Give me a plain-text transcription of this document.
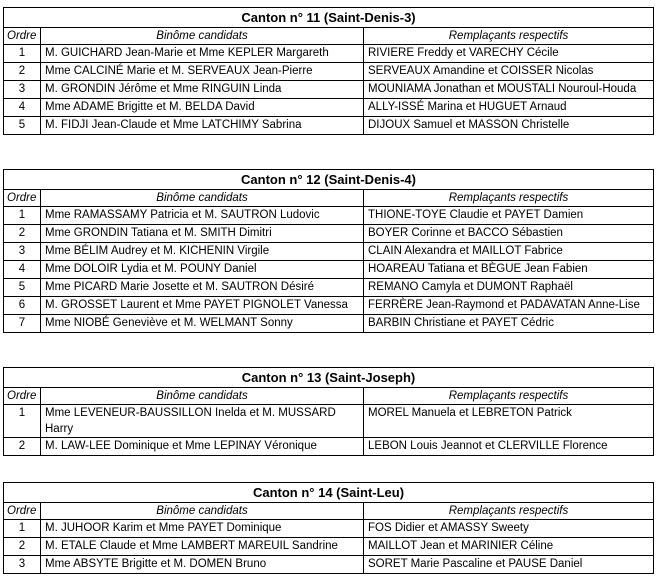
Canton n° 11 (Saint-Denis-3)		
Ordre	Binôme candidats	Remplaçants respectifs
1	M. GUICHARD Jean-Marie et Mme KEPLER Margareth	RIVIERE Freddy et VARECHY Cécile
2	Mme CALCINÉ Marie et M. SERVEAUX Jean-Pierre	SERVEAUX Amandine et COISSER Nicolas
3	M. GRONDIN Jérôme et Mme RINGUIN Linda	MOUNIAMA Jonathan et MOUSTALI Nouroul-Houda
4	Mme ADAME Brigitte et M. BELDA David	ALLY-ISSÉ Marina et HUGUET Arnaud
5	M. FIDJI Jean-Claude et Mme LATCHIMY Sabrina	DIJOUX Samuel et MASSON Christelle
Canton n° 12 (Saint-Denis-4)		
Ordre	Binôme candidats	Remplaçants respectifs
1	Mme RAMASSAMY Patricia et M. SAUTRON Ludovic	THIONE-TOYE Claudie et PAYET Damien
2	Mme GRONDIN Tatiana et M. SMITH Dimitri	BOYER Corinne et BACCO Sébastien
3	Mme BÉLIM Audrey et M. KICHENIN Virgile	CLAIN Alexandra et MAILLOT Fabrice
4	Mme DOLOIR Lydia et M. POUNY Daniel	HOAREAU Tatiana et BÈGUE Jean Fabien
5	Mme PICARD Marie Josette et M. SAUTRON Désiré	REMANO Camyla et DUMONT Raphaël
6	M. GROSSET Laurent et Mme PAYET PIGNOLET Vanessa	FERRÈRE Jean-Raymond et PADAVATAN Anne-Lise
7	Mme NIOBÉ Geneviève et M. WELMANT Sonny	BARBIN Christiane et PAYET Cédric
Canton n° 13 (Saint-Joseph)		
Ordre	Binôme candidats	Remplaçants respectifs
1	Mme LEVENEUR-BAUSSILLON Inelda et M. MUSSARD Harry	MOREL Manuela et LEBRETON Patrick
2	M. LAW-LEE Dominique et Mme LEPINAY Véronique	LEBON Louis Jeannot et CLERVILLE Florence
Canton n° 14 (Saint-Leu)		
Ordre	Binôme candidats	Remplaçants respectifs
1	M. JUHOOR Karim et Mme PAYET Dominique	FOS Didier et AMASSY Sweety
2	M. ETALE Claude et Mme LAMBERT MAREUIL Sandrine	MAILLOT Jean et MARINIER Céline
3	Mme ABSYTE Brigitte et M. DOMEN Bruno	SORET Marie Pascaline et PAUSE Daniel
